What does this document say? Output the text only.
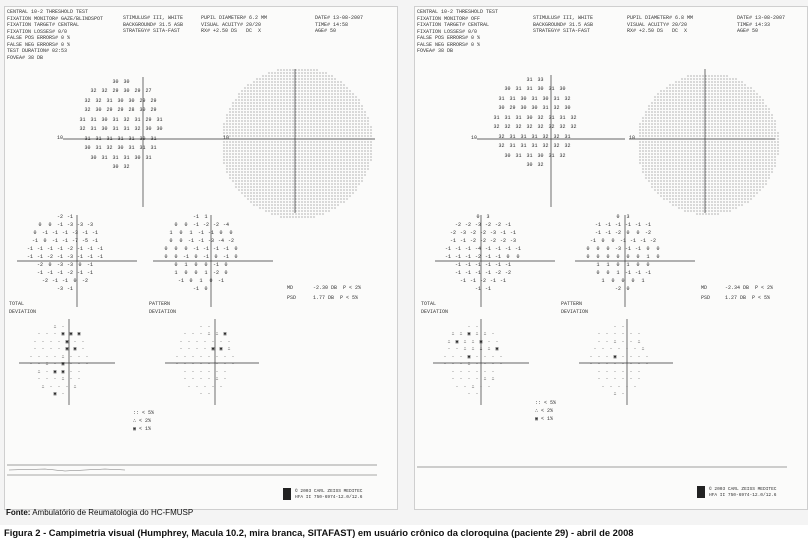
CENTRAL 10-2 THRESHOLD TEST
FIXATION MONITOR# GAZE/BLINDSPOT
FIXATION TARGET# CENTRAL
FIXATION LOSSES# 0/0
FALSE POS ERRORS# 0 %
FALSE NEG ERRORS# 0 %
TEST DURATION# 02:53
FOVEA# 38 DB
STIMULUS# III, WHITE
BACKGROUND# 31.5 ASB
STRATEGY# SITA-FAST
PUPIL DIAMETER# 6.2 MM
VISUAL ACUITY# 20/20
RX# +2.50 DS   DC  X
DATE# 13-08-2007
TIME# 14:58
AGE# 50
10	10
30 30
32 32 29 30 29 27
32 32 31 30 30 29 29
32 30 29 29 28 30 29
31 31 30 31 32 31 29 31
32 31 30 31 31 32 30 30
31 31 31 31 31 30 31
30 31 32 30 31 31 31
30 31 31 31 30 31
30 32
-2 -1
0	0	-1 -3 -3 -3
0	-1 -1 -1 -3 -1 -1
-1	0	-1 -1 -7 -5 -1
-1 -1 -1 -1 -2 -1 -1 -1
-1 -1 -2 -1 -3 -1 -1 -1
-2	0	-3 -3	0	-1
-1 -1 -1 -2 -1 -1
-2 -1 -1	0	-2
-3 -1
-1	1
0	0	-1 -2 -2 -4
1	0	1	-1 -1	0	0
0	0	-1 -1 -3 -4 -2
0	0	0	-1 -1 -1 -1	0
0	0	-1	0	-1	0	-1	0
0	1	0	0	-1	0
1	0	0	1	-2	0
-1	0	1	0	-1
-1	0
∴ ·
· · · ▣ ▣ ▣
· · · · ▣ · ·
· · · · ▣ ▣ ·
· · · · ∴ · · ·
· · ∴ · ▣ · · ·
∴ · ▣ ▣ · ·
· · · ∴ · ·
∴ · · · ∴
▣ ·
· ·
· · · ∴ ∴ ▣
· · · · · · ·
· · · · ▣ ▣ ∴
· · · · · · · ·
· · · · · · · ·
· · · · · ·
· · · · ∴ ·
· · · · ·
· ·
MD	-2.30 DB  P < 2%
PSD	1.77 DB  P < 5%
TOTAL
DEVIATION
PATTERN
DEVIATION
:: < 5%
∴ < 2%
▣ < 1%
© 2003 CARL ZEISS MEDITEC
HFA II 750-6974-12.0/12.6
CENTRAL 10-2 THRESHOLD TEST
FIXATION MONITOR# OFF
FIXATION TARGET# CENTRAL
FIXATION LOSSES# 0/0
FALSE POS ERRORS# 0 %
FALSE NEG ERRORS# 0 %
FOVEA# 38 DB
STIMULUS# III, WHITE
BACKGROUND# 31.5 ASB
STRATEGY# SITA-FAST
PUPIL DIAMETER# 6.8 MM
VISUAL ACUITY# 20/20
RX# +2.50 DS   DC  X
DATE# 13-08-2007
TIME# 14:33
AGE# 50
10	10
31 33
30 31 31 30 31 30
31 31 30 31 30 31 32
30 29 30 30 31 32 30
31 31 31 30 32 31 31 32
32 32 32 32 32 32 32 32
32 31 31 31 32 32 31
32 31 31 31 32 32 32
30 31 31 30 31 32
30 32
0	3
-2 -2 -3 -2 -2 -1
-2 -3 -2 -2 -3 -1 -1
-1 -1 -2 -2 -2 -2 -3
-1 -1 -1 -4 -1 -1 -1 -1
-1 -1 -1 -2 -1 -1	0	0
-1 -1 -1 -1 -1 -1
-1 -1 -1 -1 -2 -2
-1 -1 -2 -1 -1
-1 -1
0	3
-1 -1 -1 -1 -1 -1
-1 -1 -2	0	0	-2
-1	0	0	-1 -1 -1 -2
0	0	0	-3 -1 -1	0	0
0	0	0	0	0	0	1	0
1	1	0	1	0	0
0	0	1	-1 -1 -1
1	0	0	0	1
-2	0
· ·
∴ ∴ ▣ ∴ ∴ ·
∴ ▣ ∴ ∴ ▣ · ·
· · ∴ ∴ ∴ ∴ ▣
· · · ▣ · · · ·
· · · ∴ · · · ·
· · · · · ·
· · · · ∴ ∴
· · ∴ · ·
· ·
· ·
· · · · · ·
· · ∴ · · ∴
· · · · · · ∴
· · · ▣ · · · ·
· · · · · · · ·
· · · · · ·
· · · · · ·
· · · · ·
∴ ·
MD	-2.34 DB  P < 2%
PSD	1.27 DB  P < 5%
TOTAL
DEVIATION
PATTERN
DEVIATION
:: < 5%
∴ < 2%
▣ < 1%
© 2003 CARL ZEISS MEDITEC
HFA II 750-6974-12.0/12.6
Fonte: Ambulatório de Reumatologia do HC-FMUSP
Figura 2 - Campimetria visual (Humphrey, Macula 10.2, mira branca, SITAFAST) em usuário crônico da cloroquina (paciente 29) - abril de 2008
